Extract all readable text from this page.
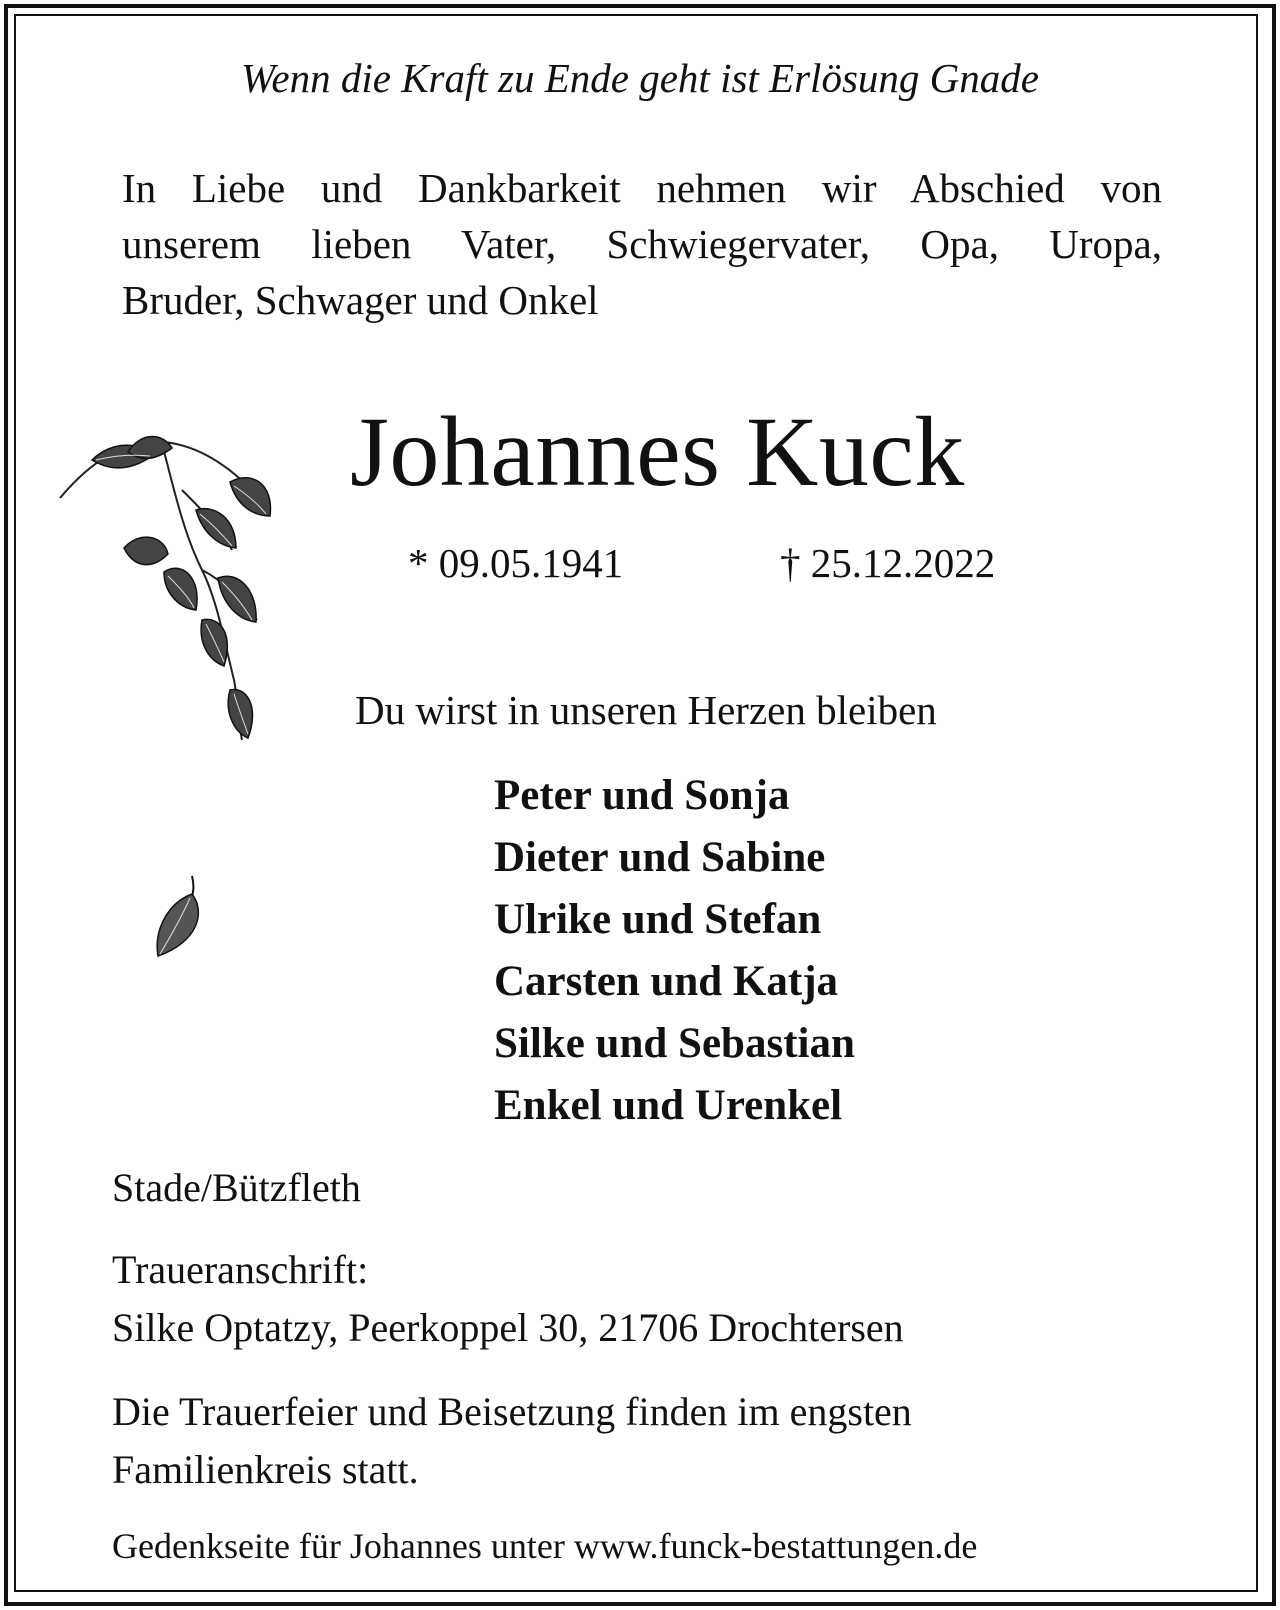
Wenn die Kraft zu Ende geht ist Erlösung Gnade

In Liebe und Dankbarkeit nehmen wir Abschied von
unserem lieben Vater, Schwiegervater, Opa, Uropa,
Bruder, Schwager und Onkel

Johannes Kuck

* 09.05.1941	† 25.12.2022

Du wirst in unseren Herzen bleiben

Peter und Sonja
Dieter und Sabine
Ulrike und Stefan
Carsten und Katja
Silke und Sebastian
Enkel und Urenkel

Stade/Bützfleth

Traueranschrift:

Silke Optatzy, Peerkoppel 30, 21706 Drochtersen

Die Trauerfeier und Beisetzung finden im engsten

Familienkreis statt.

Gedenkseite für Johannes unter www.funck-bestattungen.de
